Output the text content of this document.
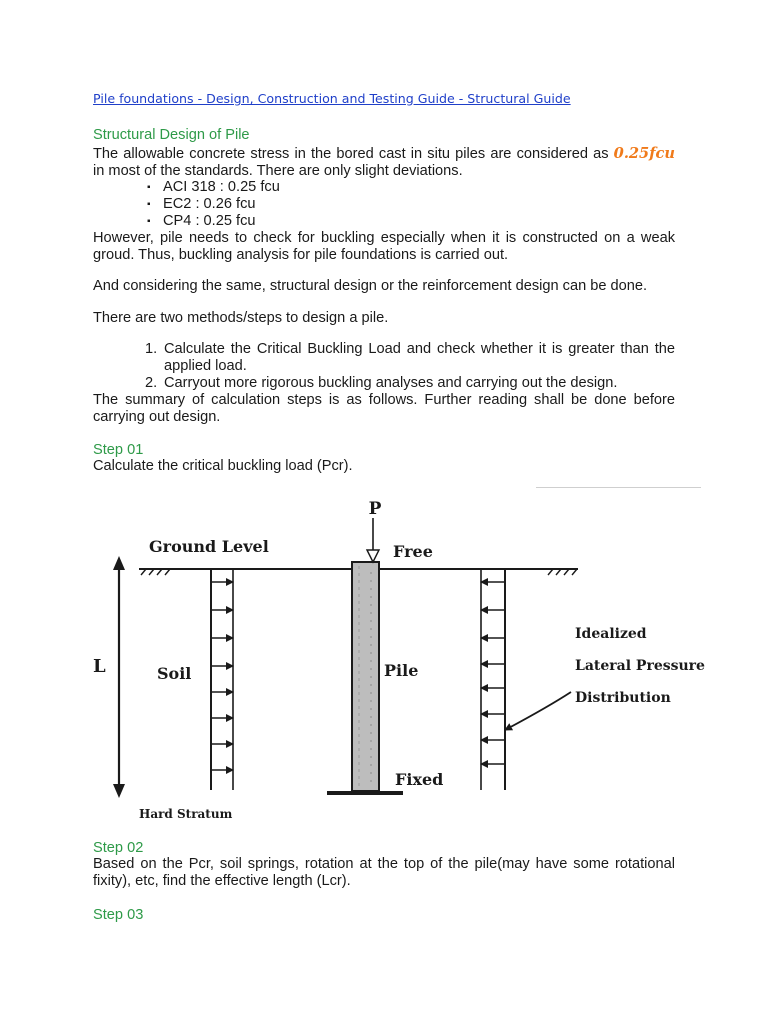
Pile foundations - Design, Construction and Testing Guide - Structural Guide
Structural Design of Pile
The allowable concrete stress in the bored cast in situ piles are considered as 0.25fcu in most of the standards. There are only slight deviations.
▪ ACI 318 : 0.25 fcu
▪ EC2 : 0.26 fcu
▪ CP4 : 0.25 fcu
However, pile needs to check for buckling especially when it is constructed on a weak groud. Thus, buckling analysis for pile foundations is carried out.
And considering the same, structural design or the reinforcement design can be done.
There are two methods/steps to design a pile.
1. Calculate the Critical Buckling Load and check whether it is greater than the applied load.
2. Carryout more rigorous buckling analyses and carrying out the design.
The summary of calculation steps is as follows. Further reading shall be done before carrying out design.
Step 01
Calculate the critical buckling load (Pcr).
P
Ground Level	Free
L	Soil	Pile
Fixed
Hard Stratum
Idealized
Lateral Pressure
Distribution
Step 02
Based on the Pcr, soil springs, rotation at the top of the pile(may have some rotational fixity), etc, find the effective length (Lcr).
Step 03
